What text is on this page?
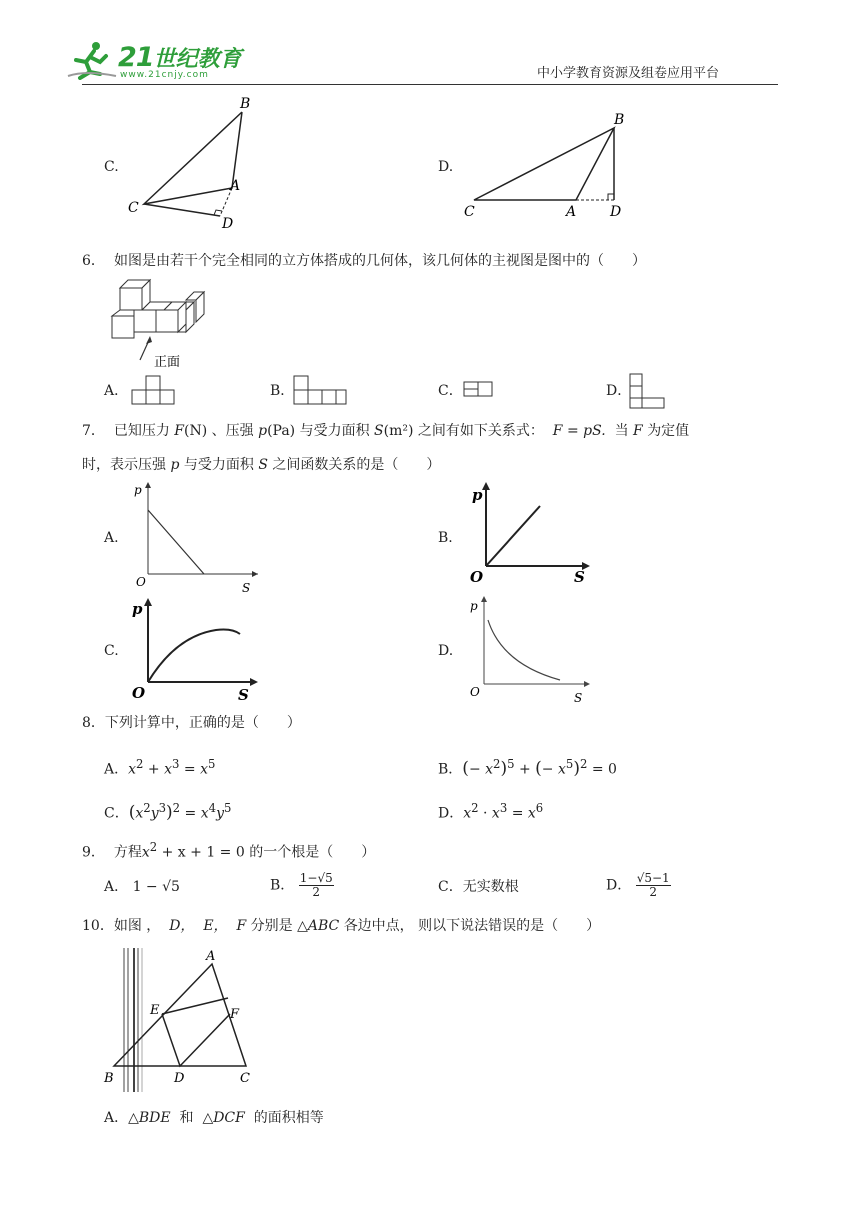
21世纪教育
www.21cnjy.com	中小学教育资源及组卷应用平台
C.
B
A
C
D
D.
B
C	A D
6． 如图是由若干个完全相同的立方体搭成的几何体，该几何体的主视图是图中的（　　）
正面
A．	B．	C．	D．
7． 已知压力 F(N) 、压强 p(Pa) 与受力面积 S(m²) 之间有如下关系式： F = pS. 当 F 为定值
时，表示压强 p 与受力面积 S 之间函数关系的是（　　）
A.
p
O	S
B.
p
O	S
C.
p
O	S
D.
p
O	S
8．下列计算中，正确的是（　　）
A．$x^2 + x^3 = x^5$	B．(− $x^2)^5$ + (− $x^5)^2 = 0$
C．$(x^2y^3)^2 = x^4y^5$	D．$x^2 \cdot x^3 = x^6$
9． 方程$x^2 + x + 1 = 0$ 的一个根是（　　）
A． 1 − √5	B． $\frac{1-√5}{2}$	C．无实数根	D． $\frac{√5-1}{2}$
10．如图 ， D， E， F 分别是 △ABC 各边中点， 则以下说法错误的是（　　）
A
E	F
B	D	C
A．△BDE 和 △DCF 的面积相等
